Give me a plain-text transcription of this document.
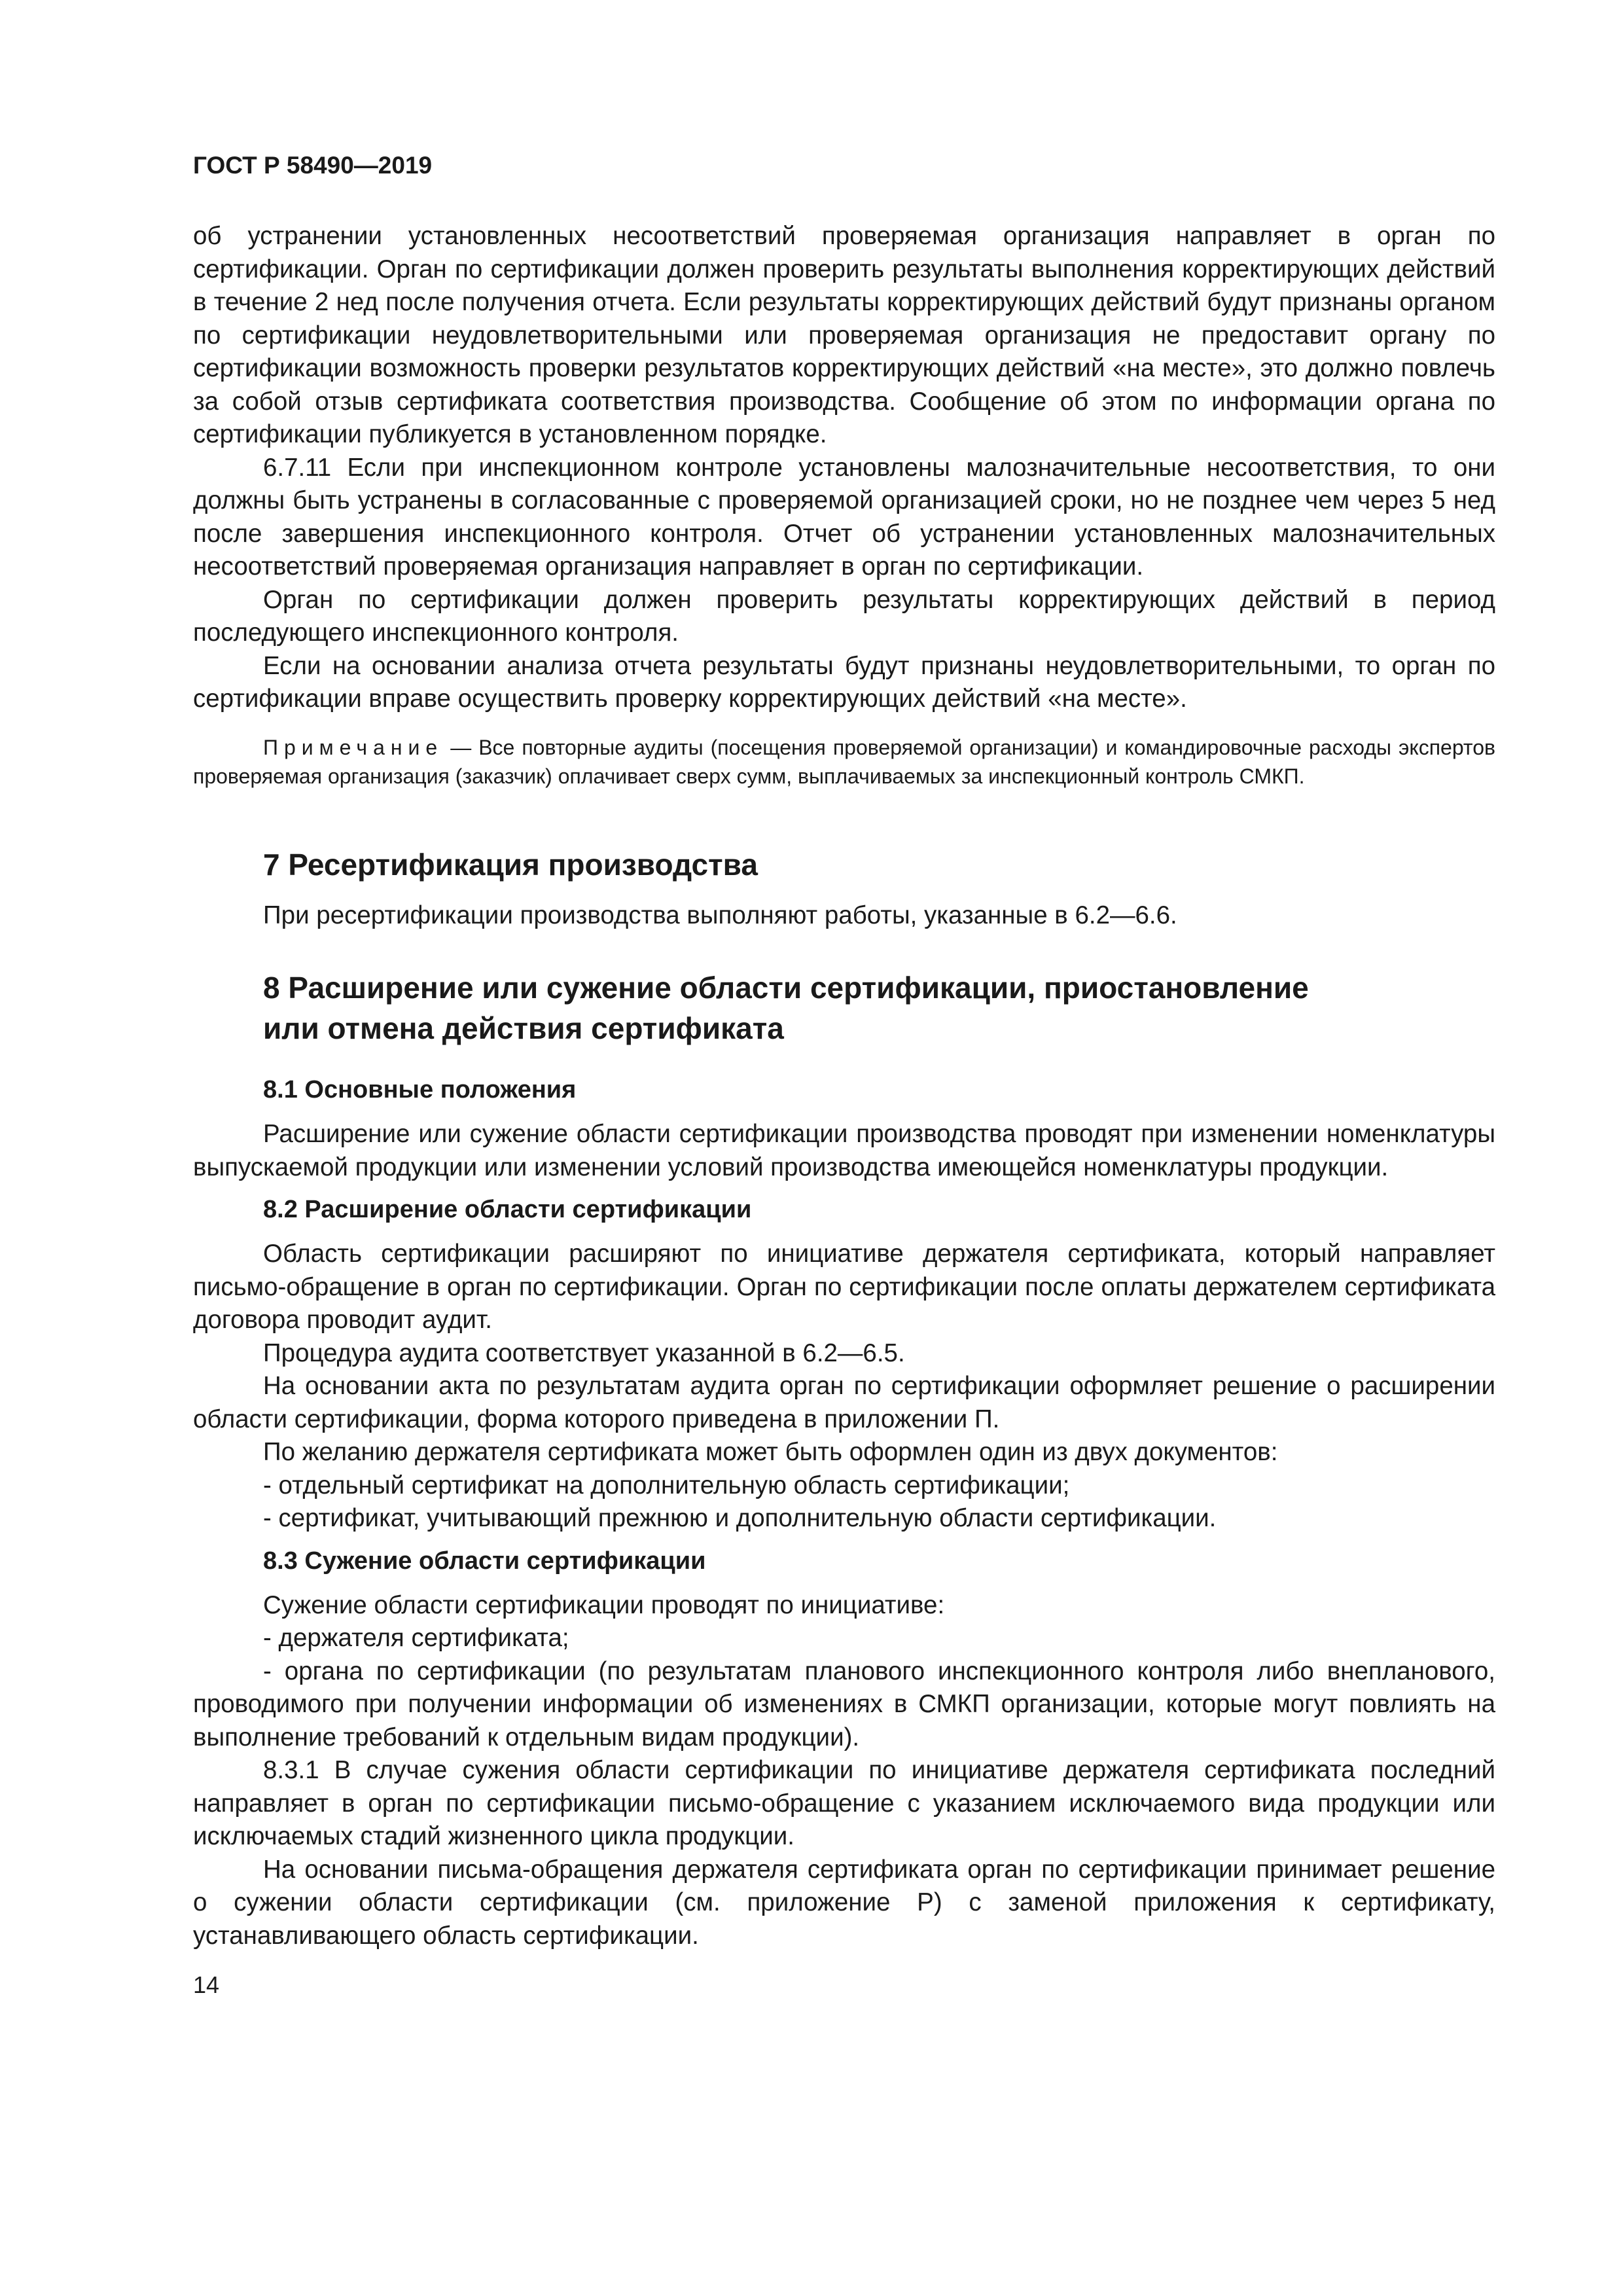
ГОСТ Р 58490—2019

об устранении установленных несоответствий проверяемая организация направляет в орган по сертификации. Орган по сертификации должен проверить результаты выполнения корректирующих действий в течение 2 нед после получения отчета. Если результаты корректирующих действий будут признаны органом по сертификации неудовлетворительными или проверяемая организация не предоставит органу по сертификации возможность проверки результатов корректирующих действий «на месте», это должно повлечь за собой отзыв сертификата соответствия производства. Сообщение об этом по информации органа по сертификации публикуется в установленном порядке.

6.7.11 Если при инспекционном контроле установлены малозначительные несоответствия, то они должны быть устранены в согласованные с проверяемой организацией сроки, но не позднее чем через 5 нед после завершения инспекционного контроля. Отчет об устранении установленных малозначительных несоответствий проверяемая организация направляет в орган по сертификации.

Орган по сертификации должен проверить результаты корректирующих действий в период последующего инспекционного контроля.

Если на основании анализа отчета результаты будут признаны неудовлетворительными, то орган по сертификации вправе осуществить проверку корректирующих действий «на месте».

Примечание — Все повторные аудиты (посещения проверяемой организации) и командировочные расходы экспертов проверяемая организация (заказчик) оплачивает сверх сумм, выплачиваемых за инспекционный контроль СМКП.

7 Ресертификация производства

При ресертификации производства выполняют работы, указанные в 6.2—6.6.

8 Расширение или сужение области сертификации, приостановление
или отмена действия сертификата
8.1 Основные положения

Расширение или сужение области сертификации производства проводят при изменении номенклатуры выпускаемой продукции или изменении условий производства имеющейся номенклатуры продукции.

8.2 Расширение области сертификации

Область сертификации расширяют по инициативе держателя сертификата, который направляет письмо-обращение в орган по сертификации. Орган по сертификации после оплаты держателем сертификата договора проводит аудит.

Процедура аудита соответствует указанной в 6.2—6.5.

На основании акта по результатам аудита орган по сертификации оформляет решение о расширении области сертификации, форма которого приведена в приложении П.

По желанию держателя сертификата может быть оформлен один из двух документов:

- отдельный сертификат на дополнительную область сертификации;

- сертификат, учитывающий прежнюю и дополнительную области сертификации.

8.3 Сужение области сертификации

Сужение области сертификации проводят по инициативе:

- держателя сертификата;

- органа по сертификации (по результатам планового инспекционного контроля либо внепланового, проводимого при получении информации об изменениях в СМКП организации, которые могут повлиять на выполнение требований к отдельным видам продукции).

8.3.1 В случае сужения области сертификации по инициативе держателя сертификата последний направляет в орган по сертификации письмо-обращение с указанием исключаемого вида продукции или исключаемых стадий жизненного цикла продукции.

На основании письма-обращения держателя сертификата орган по сертификации принимает решение о сужении области сертификации (см. приложение Р) с заменой приложения к сертификату, устанавливающего область сертификации.

14
